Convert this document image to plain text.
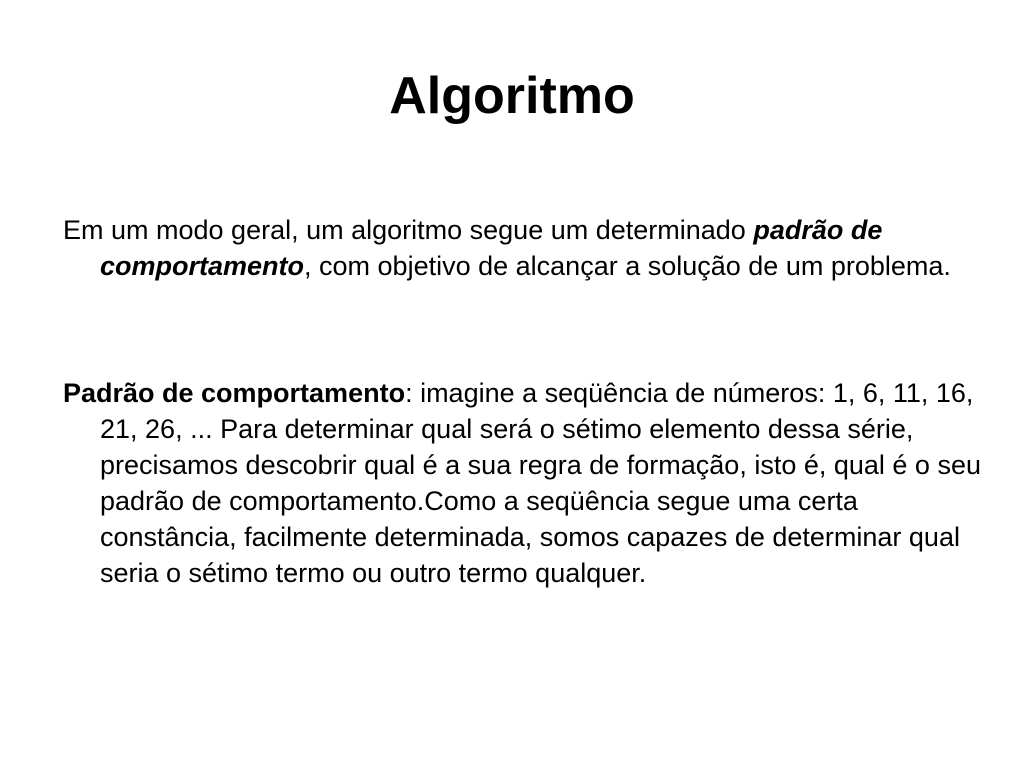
Algoritmo

Em um modo geral, um algoritmo segue um determinado padrão de comportamento, com objetivo de alcançar a solução de um problema.

Padrão de comportamento: imagine a seqüência de números: 1, 6, 11, 16, 21, 26, ... Para determinar qual será o sétimo elemento dessa série, precisamos descobrir qual é a sua regra de formação, isto é, qual é o seu padrão de comportamento.Como a seqüência segue uma certa constância, facilmente determinada, somos capazes de determinar qual seria o sétimo termo ou outro termo qualquer.
